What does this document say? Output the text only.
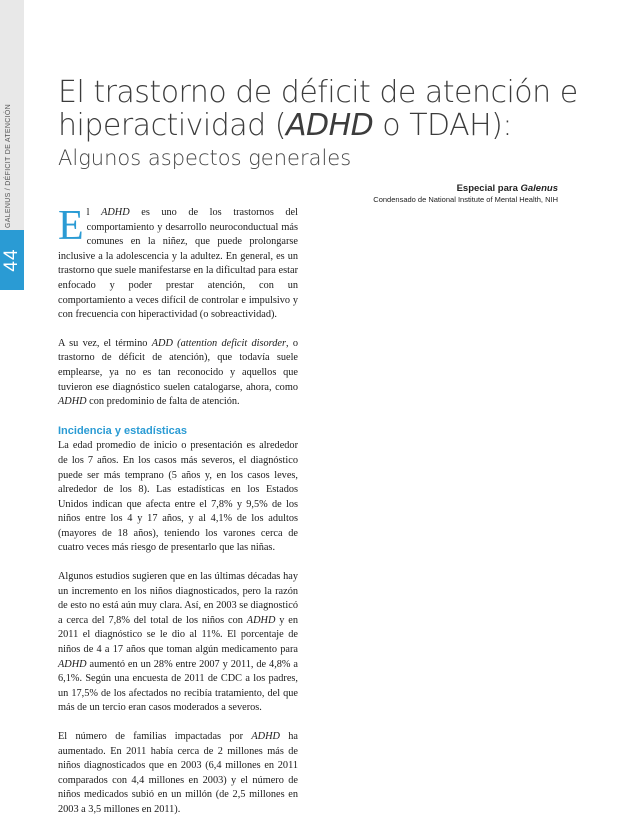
GALENUS / DÉFICIT DE ATENCIÓN
44
El trastorno de déficit de atención e hiperactividad (ADHD o TDAH):
Algunos aspectos generales
Especial para Galenus
Condensado de National Institute of Mental Health, NIH

El ADHD es uno de los trastornos del comportamiento y desarrollo neuroconductual más comunes en la niñez, que puede prolongarse inclusive a la adolescencia y la adultez. En general, es un trastorno que suele manifestarse en la dificultad para estar enfocado y poder prestar atención, con un comportamiento a veces difícil de controlar e impulsivo y con frecuencia con hiperactividad (o sobreactividad).

A su vez, el término ADD (attention deficit disorder, o trastorno de déficit de atención), que todavía suele emplearse, ya no es tan reconocido y aquellos que tuvieron ese diagnóstico suelen catalogarse, ahora, como ADHD con predominio de falta de atención.

Incidencia y estadísticas

La edad promedio de inicio o presentación es alrededor de los 7 años. En los casos más severos, el diagnóstico puede ser más temprano (5 años y, en los casos leves, alrededor de los 8). Las estadísticas en los Estados Unidos indican que afecta entre el 7,8% y 9,5% de los niños entre los 4 y 17 años, y al 4,1% de los adultos (mayores de 18 años), teniendo los varones cerca de cuatro veces más riesgo de presentarlo que las niñas.

Algunos estudios sugieren que en las últimas décadas hay un incremento en los niños diagnosticados, pero la razón de esto no está aún muy clara. Así, en 2003 se diagnosticó a cerca del 7,8% del total de los niños con ADHD y en 2011 el diagnóstico se le dio al 11%. El porcentaje de niños de 4 a 17 años que toman algún medicamento para ADHD aumentó en un 28% entre 2007 y 2011, de 4,8% a 6,1%. Según una encuesta de 2011 de CDC a los padres, un 17,5% de los afectados no recibía tratamiento, del que más de un tercio eran casos moderados a severos.

El número de familias impactadas por ADHD ha aumentado. En 2011 había cerca de 2 millones más de niños diagnosticados que en 2003 (6,4 millones en 2011 comparados con 4,4 millones en 2003) y el número de niños medicados subió en un millón (de 2,5 millones en 2003 a 3,5 millones en 2011).
